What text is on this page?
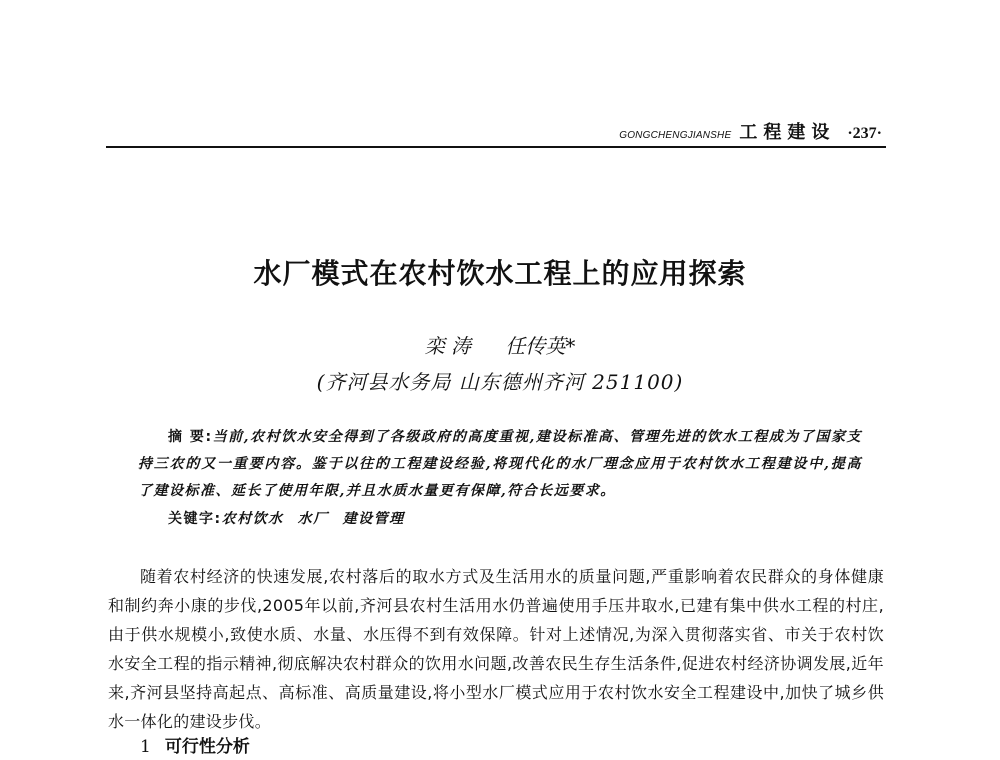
GONGCHENGJIANSHE 工程建设 ·237·
水厂模式在农村饮水工程上的应用探索
栾 涛 任传英*
(齐河县水务局 山东德州齐河 251100)
摘 要:当前,农村饮水安全得到了各级政府的高度重视,建设标准高、管理先进的饮水工程成为了国家支持三农的又一重要内容。鉴于以往的工程建设经验,将现代化的水厂理念应用于农村饮水工程建设中,提高了建设标准、延长了使用年限,并且水质水量更有保障,符合长远要求。
关键字:农村饮水 水厂 建设管理
随着农村经济的快速发展,农村落后的取水方式及生活用水的质量问题,严重影响着农民群众的身体健康和制约奔小康的步伐,2005年以前,齐河县农村生活用水仍普遍使用手压井取水,已建有集中供水工程的村庄,由于供水规模小,致使水质、水量、水压得不到有效保障。针对上述情况,为深入贯彻落实省、市关于农村饮水安全工程的指示精神,彻底解决农村群众的饮用水问题,改善农民生存生活条件,促进农村经济协调发展,近年来,齐河县坚持高起点、高标准、高质量建设,将小型水厂模式应用于农村饮水安全工程建设中,加快了城乡供水一体化的建设步伐。
1 可行性分析
